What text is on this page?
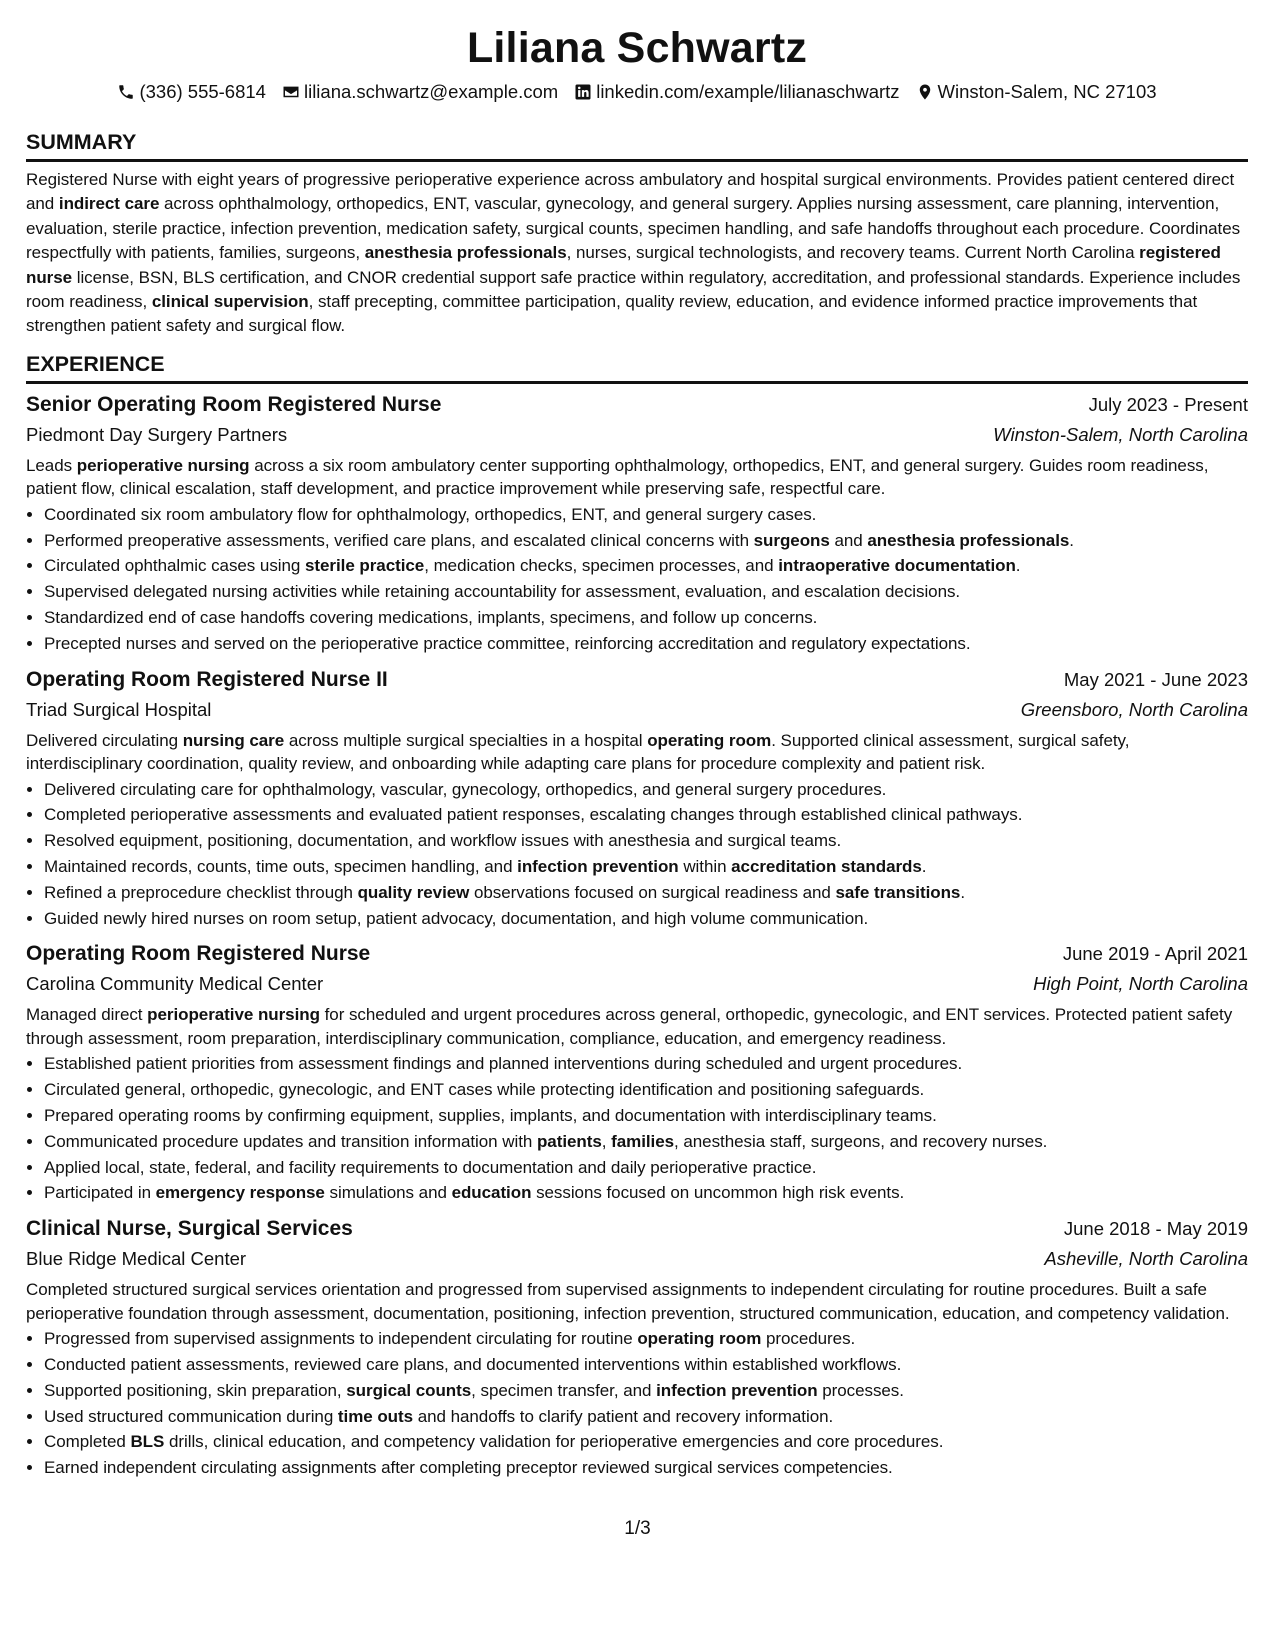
Liliana Schwartz
(336) 555-6814 liliana.schwartz@example.com linkedin.com/example/lilianaschwartz Winston-Salem, NC 27103
SUMMARY

Registered Nurse with eight years of progressive perioperative experience across ambulatory and hospital surgical environments. Provides patient centered direct and indirect care across ophthalmology, orthopedics, ENT, vascular, gynecology, and general surgery. Applies nursing assessment, care planning, intervention, evaluation, sterile practice, infection prevention, medication safety, surgical counts, specimen handling, and safe handoffs throughout each procedure. Coordinates respectfully with patients, families, surgeons, anesthesia professionals, nurses, surgical technologists, and recovery teams. Current North Carolina registered nurse license, BSN, BLS certification, and CNOR credential support safe practice within regulatory, accreditation, and professional standards. Experience includes room readiness, clinical supervision, staff precepting, committee participation, quality review, education, and evidence informed practice improvements that strengthen patient safety and surgical flow.

EXPERIENCE
Senior Operating Room Registered Nurse	July 2023 - Present
Piedmont Day Surgery Partners	Winston-Salem, North Carolina

Leads perioperative nursing across a six room ambulatory center supporting ophthalmology, orthopedics, ENT, and general surgery. Guides room readiness, patient flow, clinical escalation, staff development, and practice improvement while preserving safe, respectful care.

• Coordinated six room ambulatory flow for ophthalmology, orthopedics, ENT, and general surgery cases.
• Performed preoperative assessments, verified care plans, and escalated clinical concerns with surgeons and anesthesia professionals.
• Circulated ophthalmic cases using sterile practice, medication checks, specimen processes, and intraoperative documentation.
• Supervised delegated nursing activities while retaining accountability for assessment, evaluation, and escalation decisions.
• Standardized end of case handoffs covering medications, implants, specimens, and follow up concerns.
• Precepted nurses and served on the perioperative practice committee, reinforcing accreditation and regulatory expectations.
Operating Room Registered Nurse II	May 2021 - June 2023
Triad Surgical Hospital	Greensboro, North Carolina

Delivered circulating nursing care across multiple surgical specialties in a hospital operating room. Supported clinical assessment, surgical safety, interdisciplinary coordination, quality review, and onboarding while adapting care plans for procedure complexity and patient risk.

• Delivered circulating care for ophthalmology, vascular, gynecology, orthopedics, and general surgery procedures.
• Completed perioperative assessments and evaluated patient responses, escalating changes through established clinical pathways.
• Resolved equipment, positioning, documentation, and workflow issues with anesthesia and surgical teams.
• Maintained records, counts, time outs, specimen handling, and infection prevention within accreditation standards.
• Refined a preprocedure checklist through quality review observations focused on surgical readiness and safe transitions.
• Guided newly hired nurses on room setup, patient advocacy, documentation, and high volume communication.
Operating Room Registered Nurse	June 2019 - April 2021
Carolina Community Medical Center	High Point, North Carolina

Managed direct perioperative nursing for scheduled and urgent procedures across general, orthopedic, gynecologic, and ENT services. Protected patient safety through assessment, room preparation, interdisciplinary communication, compliance, education, and emergency readiness.

• Established patient priorities from assessment findings and planned interventions during scheduled and urgent procedures.
• Circulated general, orthopedic, gynecologic, and ENT cases while protecting identification and positioning safeguards.
• Prepared operating rooms by confirming equipment, supplies, implants, and documentation with interdisciplinary teams.
• Communicated procedure updates and transition information with patients, families, anesthesia staff, surgeons, and recovery nurses.
• Applied local, state, federal, and facility requirements to documentation and daily perioperative practice.
• Participated in emergency response simulations and education sessions focused on uncommon high risk events.
Clinical Nurse, Surgical Services	June 2018 - May 2019
Blue Ridge Medical Center	Asheville, North Carolina

Completed structured surgical services orientation and progressed from supervised assignments to independent circulating for routine procedures. Built a safe perioperative foundation through assessment, documentation, positioning, infection prevention, structured communication, education, and competency validation.

• Progressed from supervised assignments to independent circulating for routine operating room procedures.
• Conducted patient assessments, reviewed care plans, and documented interventions within established workflows.
• Supported positioning, skin preparation, surgical counts, specimen transfer, and infection prevention processes.
• Used structured communication during time outs and handoffs to clarify patient and recovery information.
• Completed BLS drills, clinical education, and competency validation for perioperative emergencies and core procedures.
• Earned independent circulating assignments after completing preceptor reviewed surgical services competencies.
1/3
